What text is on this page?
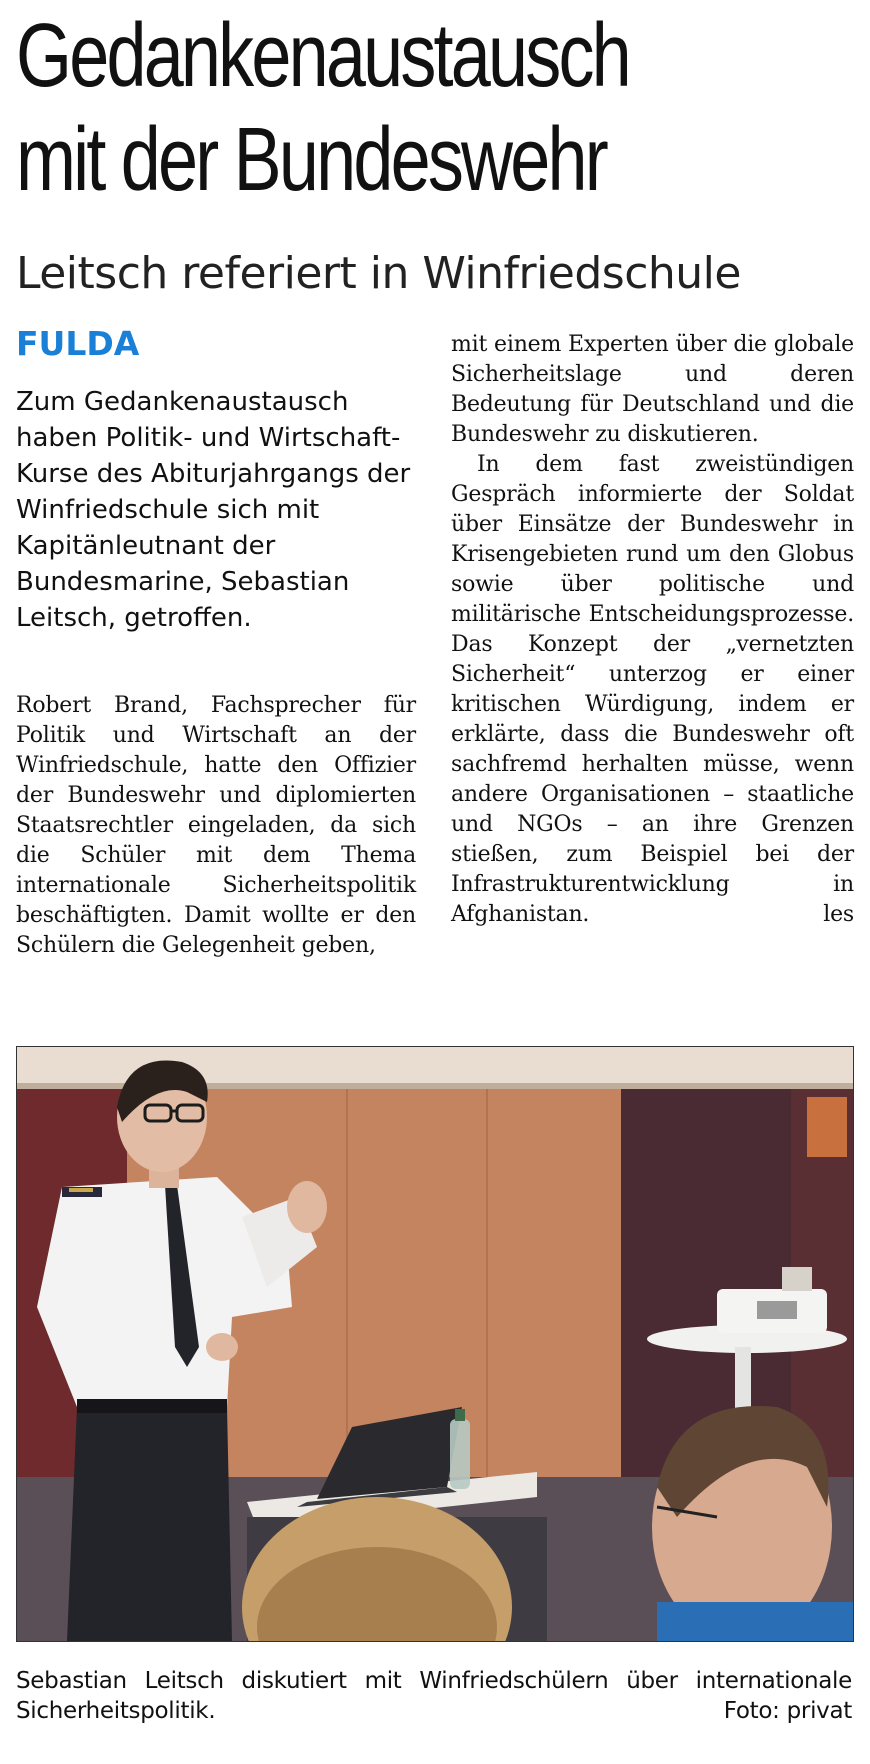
Gedankenaustausch
mit der Bundeswehr
Leitsch referiert in Winfriedschule
FULDA

Zum Gedankenaustausch haben Politik- und Wirtschaft-Kurse des Abiturjahrgangs der Winfriedschule sich mit Kapitänleutnant der Bundesmarine, Sebastian Leitsch, getroffen.

Robert Brand, Fachsprecher für Politik und Wirtschaft an der Winfriedschule, hatte den Offizier der Bundeswehr und diplomierten Staatsrechtler eingeladen, da sich die Schüler mit dem Thema internationale Sicherheitspolitik beschäftigten. Damit wollte er den Schülern die Gelegenheit geben,

mit einem Experten über die globale Sicherheitslage und deren Bedeutung für Deutschland und die Bundeswehr zu diskutieren.

In dem fast zweistündigen Gespräch informierte der Soldat über Einsätze der Bundeswehr in Krisengebieten rund um den Globus sowie über politische und militärische Entscheidungsprozesse. Das Konzept der „vernetzten Sicherheit“ unterzog er einer kritischen Würdigung, indem er erklärte, dass die Bundeswehr oft sachfremd herhalten müsse, wenn andere Organisationen – staatliche und NGOs – an ihre Grenzen stießen, zum Beispiel bei der Infrastrukturentwicklung in Afghanistan.	les

Sebastian Leitsch diskutiert mit Winfriedschülern über internationale Sicherheitspolitik.	Foto: privat
